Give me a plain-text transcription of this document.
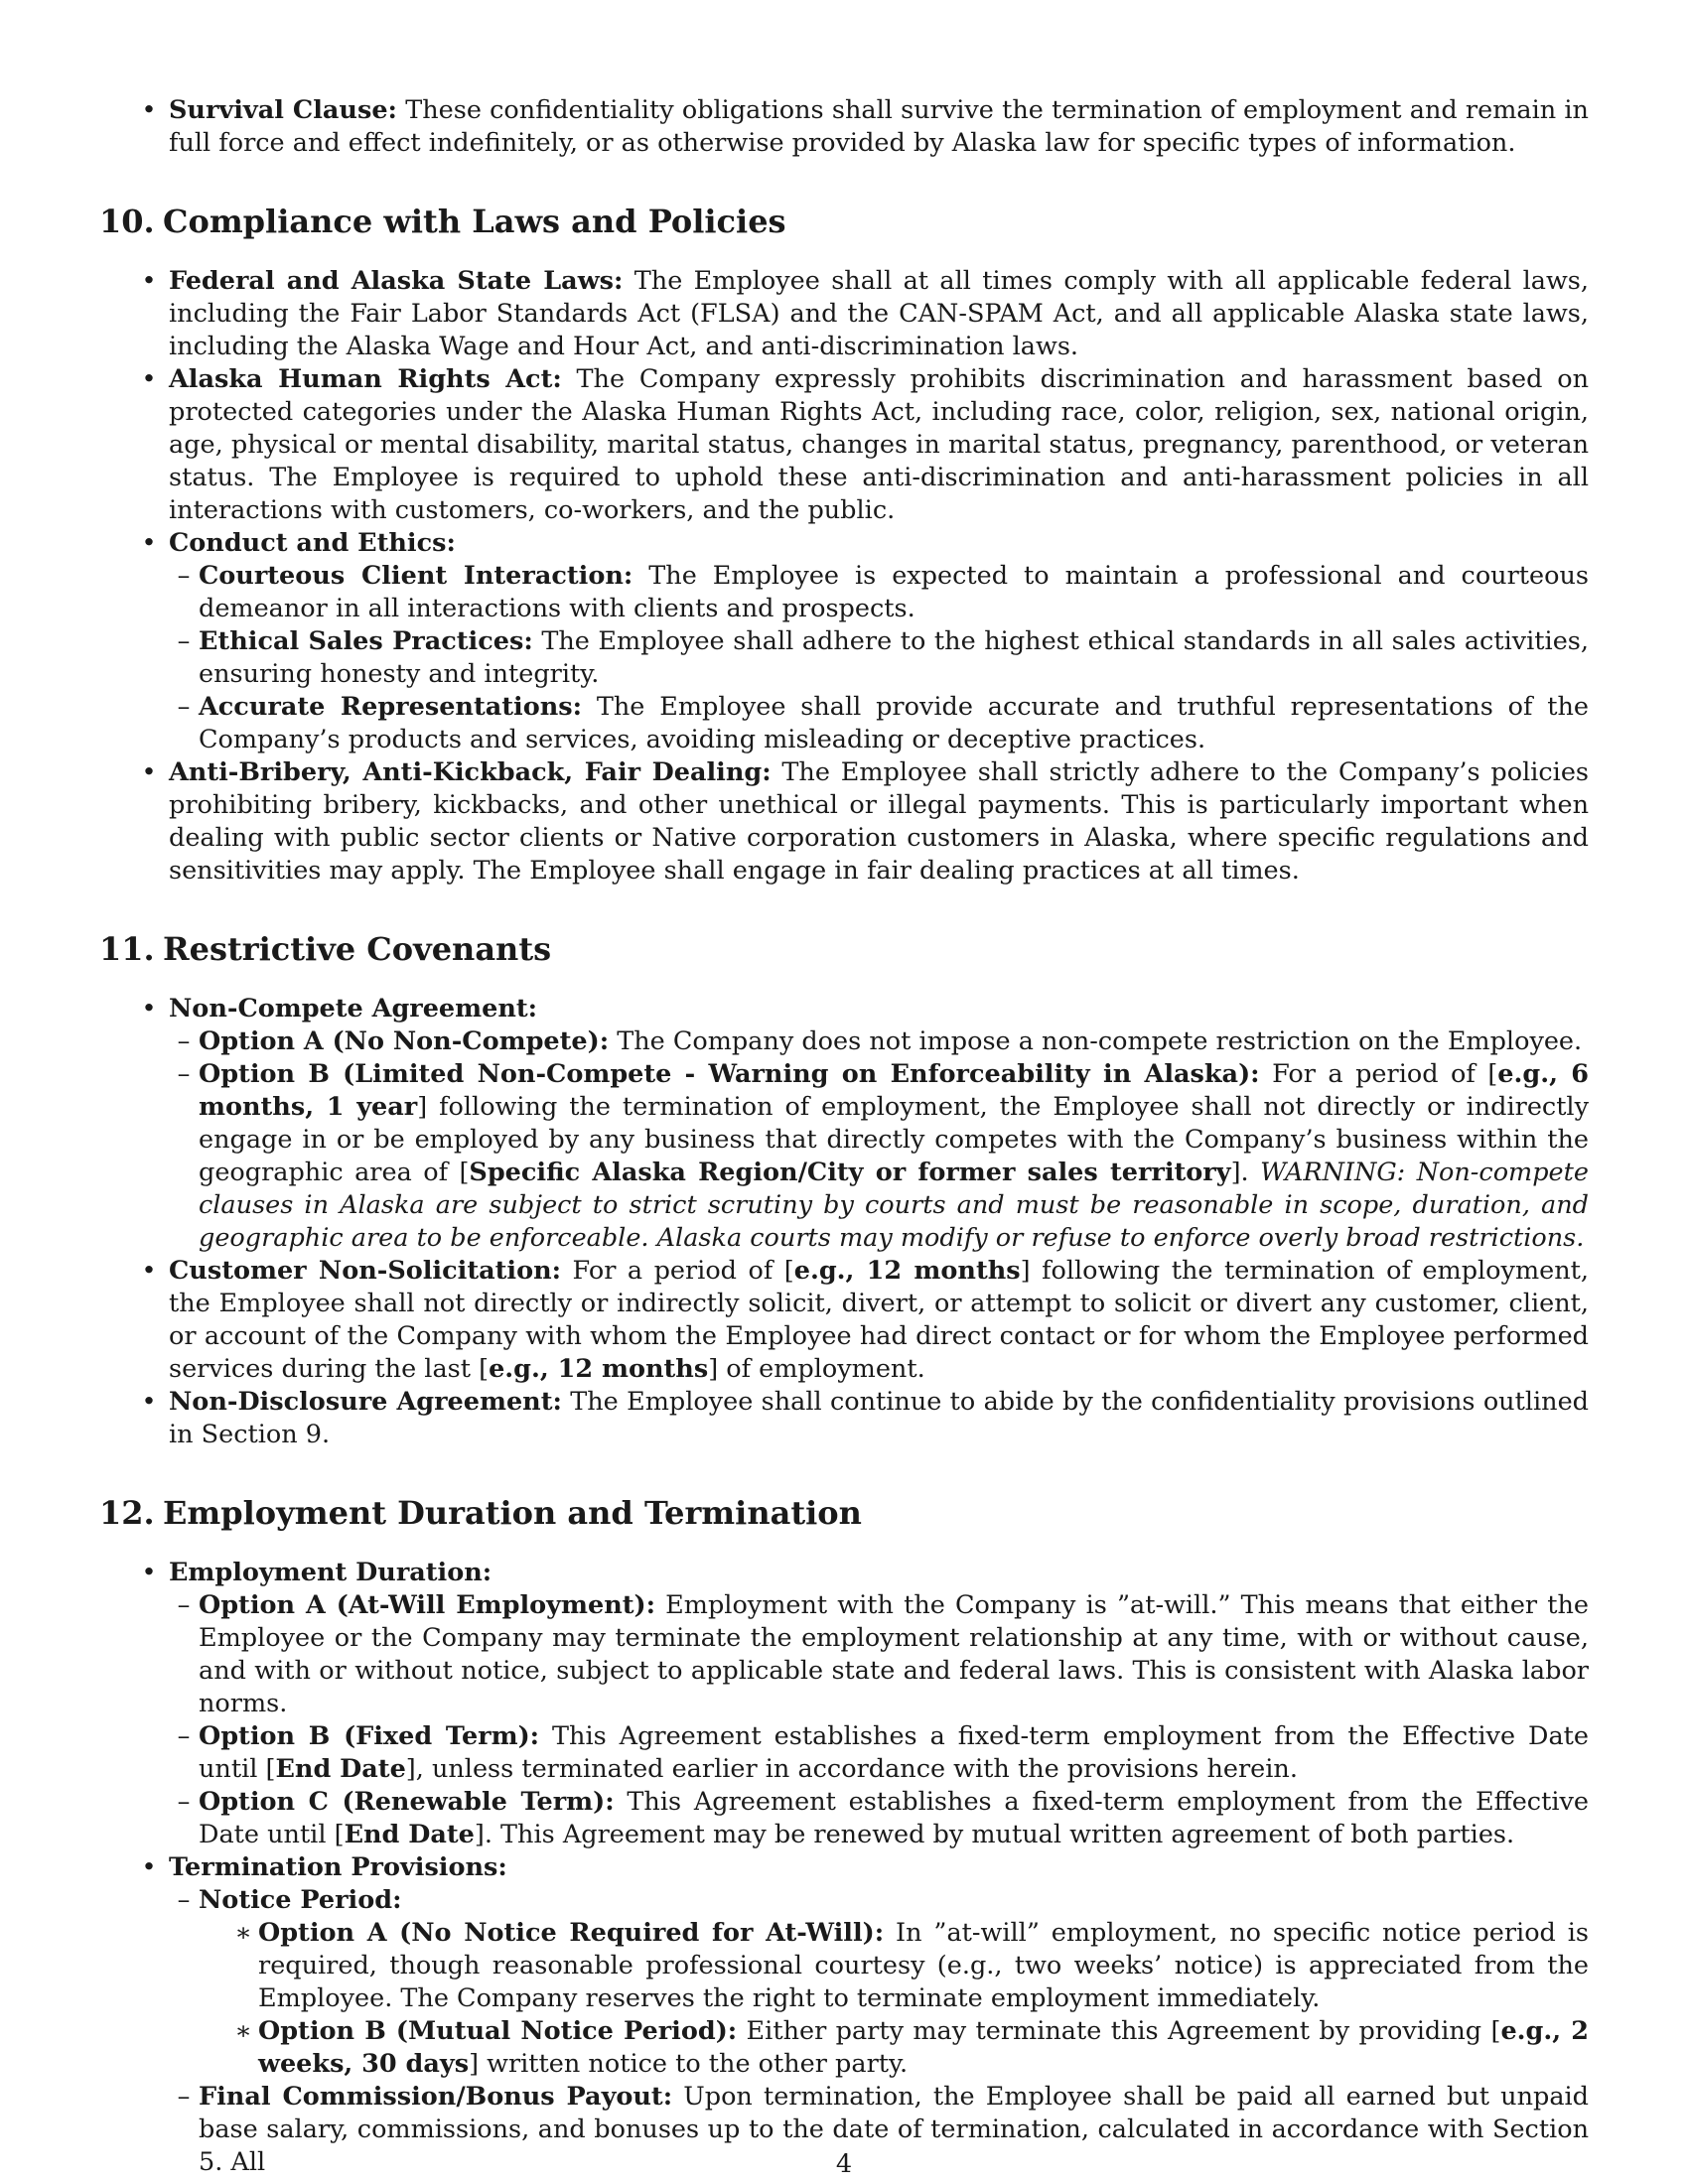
•
Survival Clause: These confidentiality obligations shall survive the termination of employment and remain in full force and effect indefinitely, or as otherwise provided by Alaska law for specific types of information.
10. Compliance with Laws and Policies
•
Federal and Alaska State Laws: The Employee shall at all times comply with all applicable federal laws, including the Fair Labor Standards Act (FLSA) and the CAN-SPAM Act, and all applicable Alaska state laws, including the Alaska Wage and Hour Act, and anti-discrimination laws.
•
Alaska Human Rights Act: The Company expressly prohibits discrimination and harassment based on protected categories under the Alaska Human Rights Act, including race, color, religion, sex, national origin, age, physical or mental disability, marital status, changes in marital status, pregnancy, parenthood, or veteran status. The Employee is required to uphold these anti-discrimination and anti-harassment policies in all interactions with customers, co-workers, and the public.
•
Conduct and Ethics:
–
Courteous Client Interaction: The Employee is expected to maintain a professional and courteous demeanor in all interactions with clients and prospects.
–
Ethical Sales Practices: The Employee shall adhere to the highest ethical standards in all sales activities, ensuring honesty and integrity.
–
Accurate Representations: The Employee shall provide accurate and truthful representations of the Company’s products and services, avoiding misleading or deceptive practices.
•
Anti-Bribery, Anti-Kickback, Fair Dealing: The Employee shall strictly adhere to the Company’s policies prohibiting bribery, kickbacks, and other unethical or illegal payments. This is particularly important when dealing with public sector clients or Native corporation customers in Alaska, where specific regulations and sensitivities may apply. The Employee shall engage in fair dealing practices at all times.
11. Restrictive Covenants
•
Non-Compete Agreement:
–
Option A (No Non-Compete): The Company does not impose a non-compete restriction on the Employee.
–
Option B (Limited Non-Compete - Warning on Enforceability in Alaska): For a period of [e.g., 6 months, 1 year] following the termination of employment, the Employee shall not directly or indirectly engage in or be employed by any business that directly competes with the Company’s business within the geographic area of [Specific Alaska Region/City or former sales territory]. WARNING: Non-compete clauses in Alaska are subject to strict scrutiny by courts and must be reasonable in scope, duration, and geographic area to be enforceable. Alaska courts may modify or refuse to enforce overly broad restrictions.
•
Customer Non-Solicitation: For a period of [e.g., 12 months] following the termination of employment, the Employee shall not directly or indirectly solicit, divert, or attempt to solicit or divert any customer, client, or account of the Company with whom the Employee had direct contact or for whom the Employee performed services during the last [e.g., 12 months] of employment.
•
Non-Disclosure Agreement: The Employee shall continue to abide by the confidentiality provisions outlined in Section 9.
12. Employment Duration and Termination
•
Employment Duration:
–
Option A (At-Will Employment): Employment with the Company is ”at-will.” This means that either the Employee or the Company may terminate the employment relationship at any time, with or without cause, and with or without notice, subject to applicable state and federal laws. This is consistent with Alaska labor norms.
–
Option B (Fixed Term): This Agreement establishes a fixed-term employment from the Effective Date until [End Date], unless terminated earlier in accordance with the provisions herein.
–
Option C (Renewable Term): This Agreement establishes a fixed-term employment from the Effective Date until [End Date]. This Agreement may be renewed by mutual written agreement of both parties.
•
Termination Provisions:
–
Notice Period:
∗
Option A (No Notice Required for At-Will): In ”at-will” employment, no specific notice period is required, though reasonable professional courtesy (e.g., two weeks’ notice) is appreciated from the Employee. The Company reserves the right to terminate employment immediately.
∗
Option B (Mutual Notice Period): Either party may terminate this Agreement by providing [e.g., 2 weeks, 30 days] written notice to the other party.
–
Final Commission/Bonus Payout: Upon termination, the Employee shall be paid all earned but unpaid base salary, commissions, and bonuses up to the date of termination, calculated in accordance with Section 5. All	4
